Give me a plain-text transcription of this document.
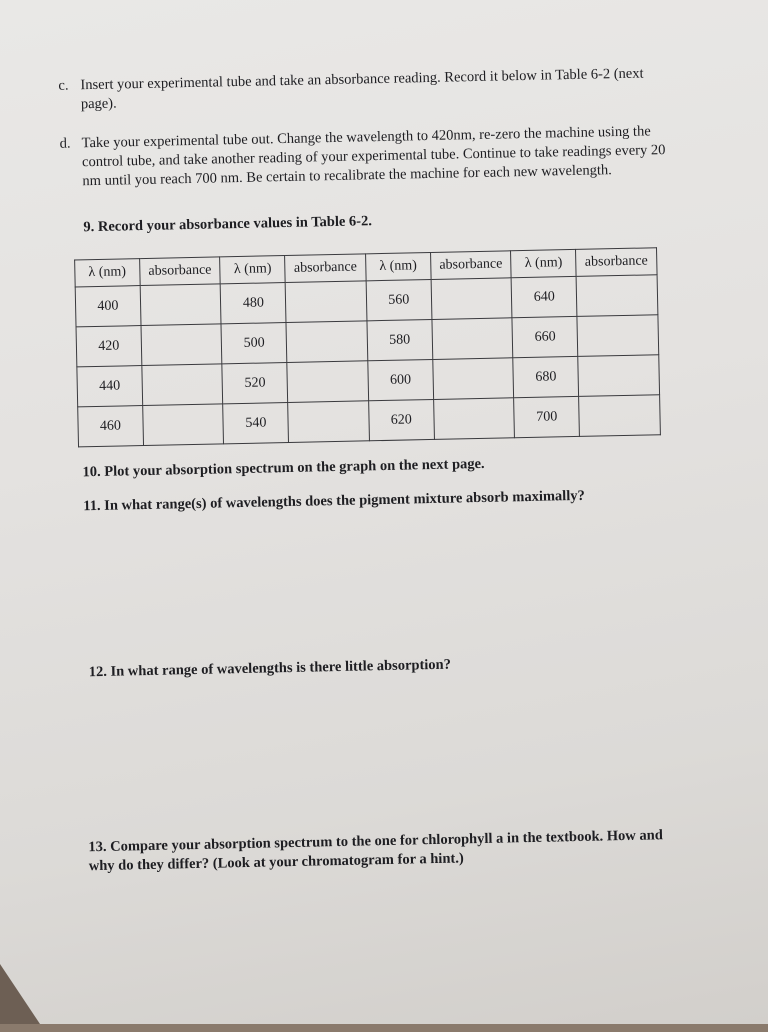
c. Insert your experimental tube and take an absorbance reading. Record it below in Table 6-2 (next page).
d. Take your experimental tube out. Change the wavelength to 420nm, re-zero the machine using the control tube, and take another reading of your experimental tube. Continue to take readings every 20 nm until you reach 700 nm. Be certain to recalibrate the machine for each new wavelength.
9. Record your absorbance values in Table 6-2.
λ (nm)	absorbance	λ (nm)	absorbance	λ (nm)	absorbance	λ (nm)	absorbance
400		480		560		640	
420		500		580		660	
440		520		600		680	
460		540		620		700	
10. Plot your absorption spectrum on the graph on the next page.
11. In what range(s) of wavelengths does the pigment mixture absorb maximally?
12. In what range of wavelengths is there little absorption?
13. Compare your absorption spectrum to the one for chlorophyll a in the textbook. How and why do they differ? (Look at your chromatogram for a hint.)
